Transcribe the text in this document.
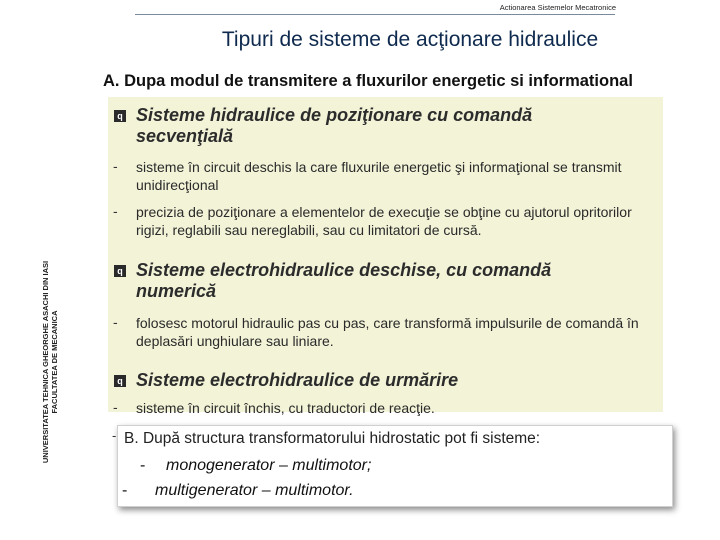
Actionarea Sistemelor Mecatronice
Tipuri de sisteme de acţionare hidraulice
A. Dupa modul de transmitere a fluxurilor energetic si informational
UNIVERSITATEA TEHNICA GHEORGHE ASACHI DIN IASI FACULTATEA DE MECANICA
q Sisteme hidraulice de poziţionare cu comandă secvenţială
- sisteme în circuit deschis la care fluxurile energetic şi informaţional se transmit unidirecţional
- precizia de poziţionare a elementelor de execuţie se obţine cu ajutorul opritorilor rigizi, reglabili sau nereglabili, sau cu limitatori de cursă.
q Sisteme electrohidraulice deschise, cu comandă numerică
- folosesc motorul hidraulic pas cu pas, care transformă impulsurile de comandă în deplasări unghiulare sau liniare.
q Sisteme electrohidraulice de urmărire
- sisteme în circuit închis, cu traductori de reacţie.
- B. După structura transformatorului hidrostatic pot fi sisteme:
- monogenerator – multimotor;
- multigenerator – multimotor.
